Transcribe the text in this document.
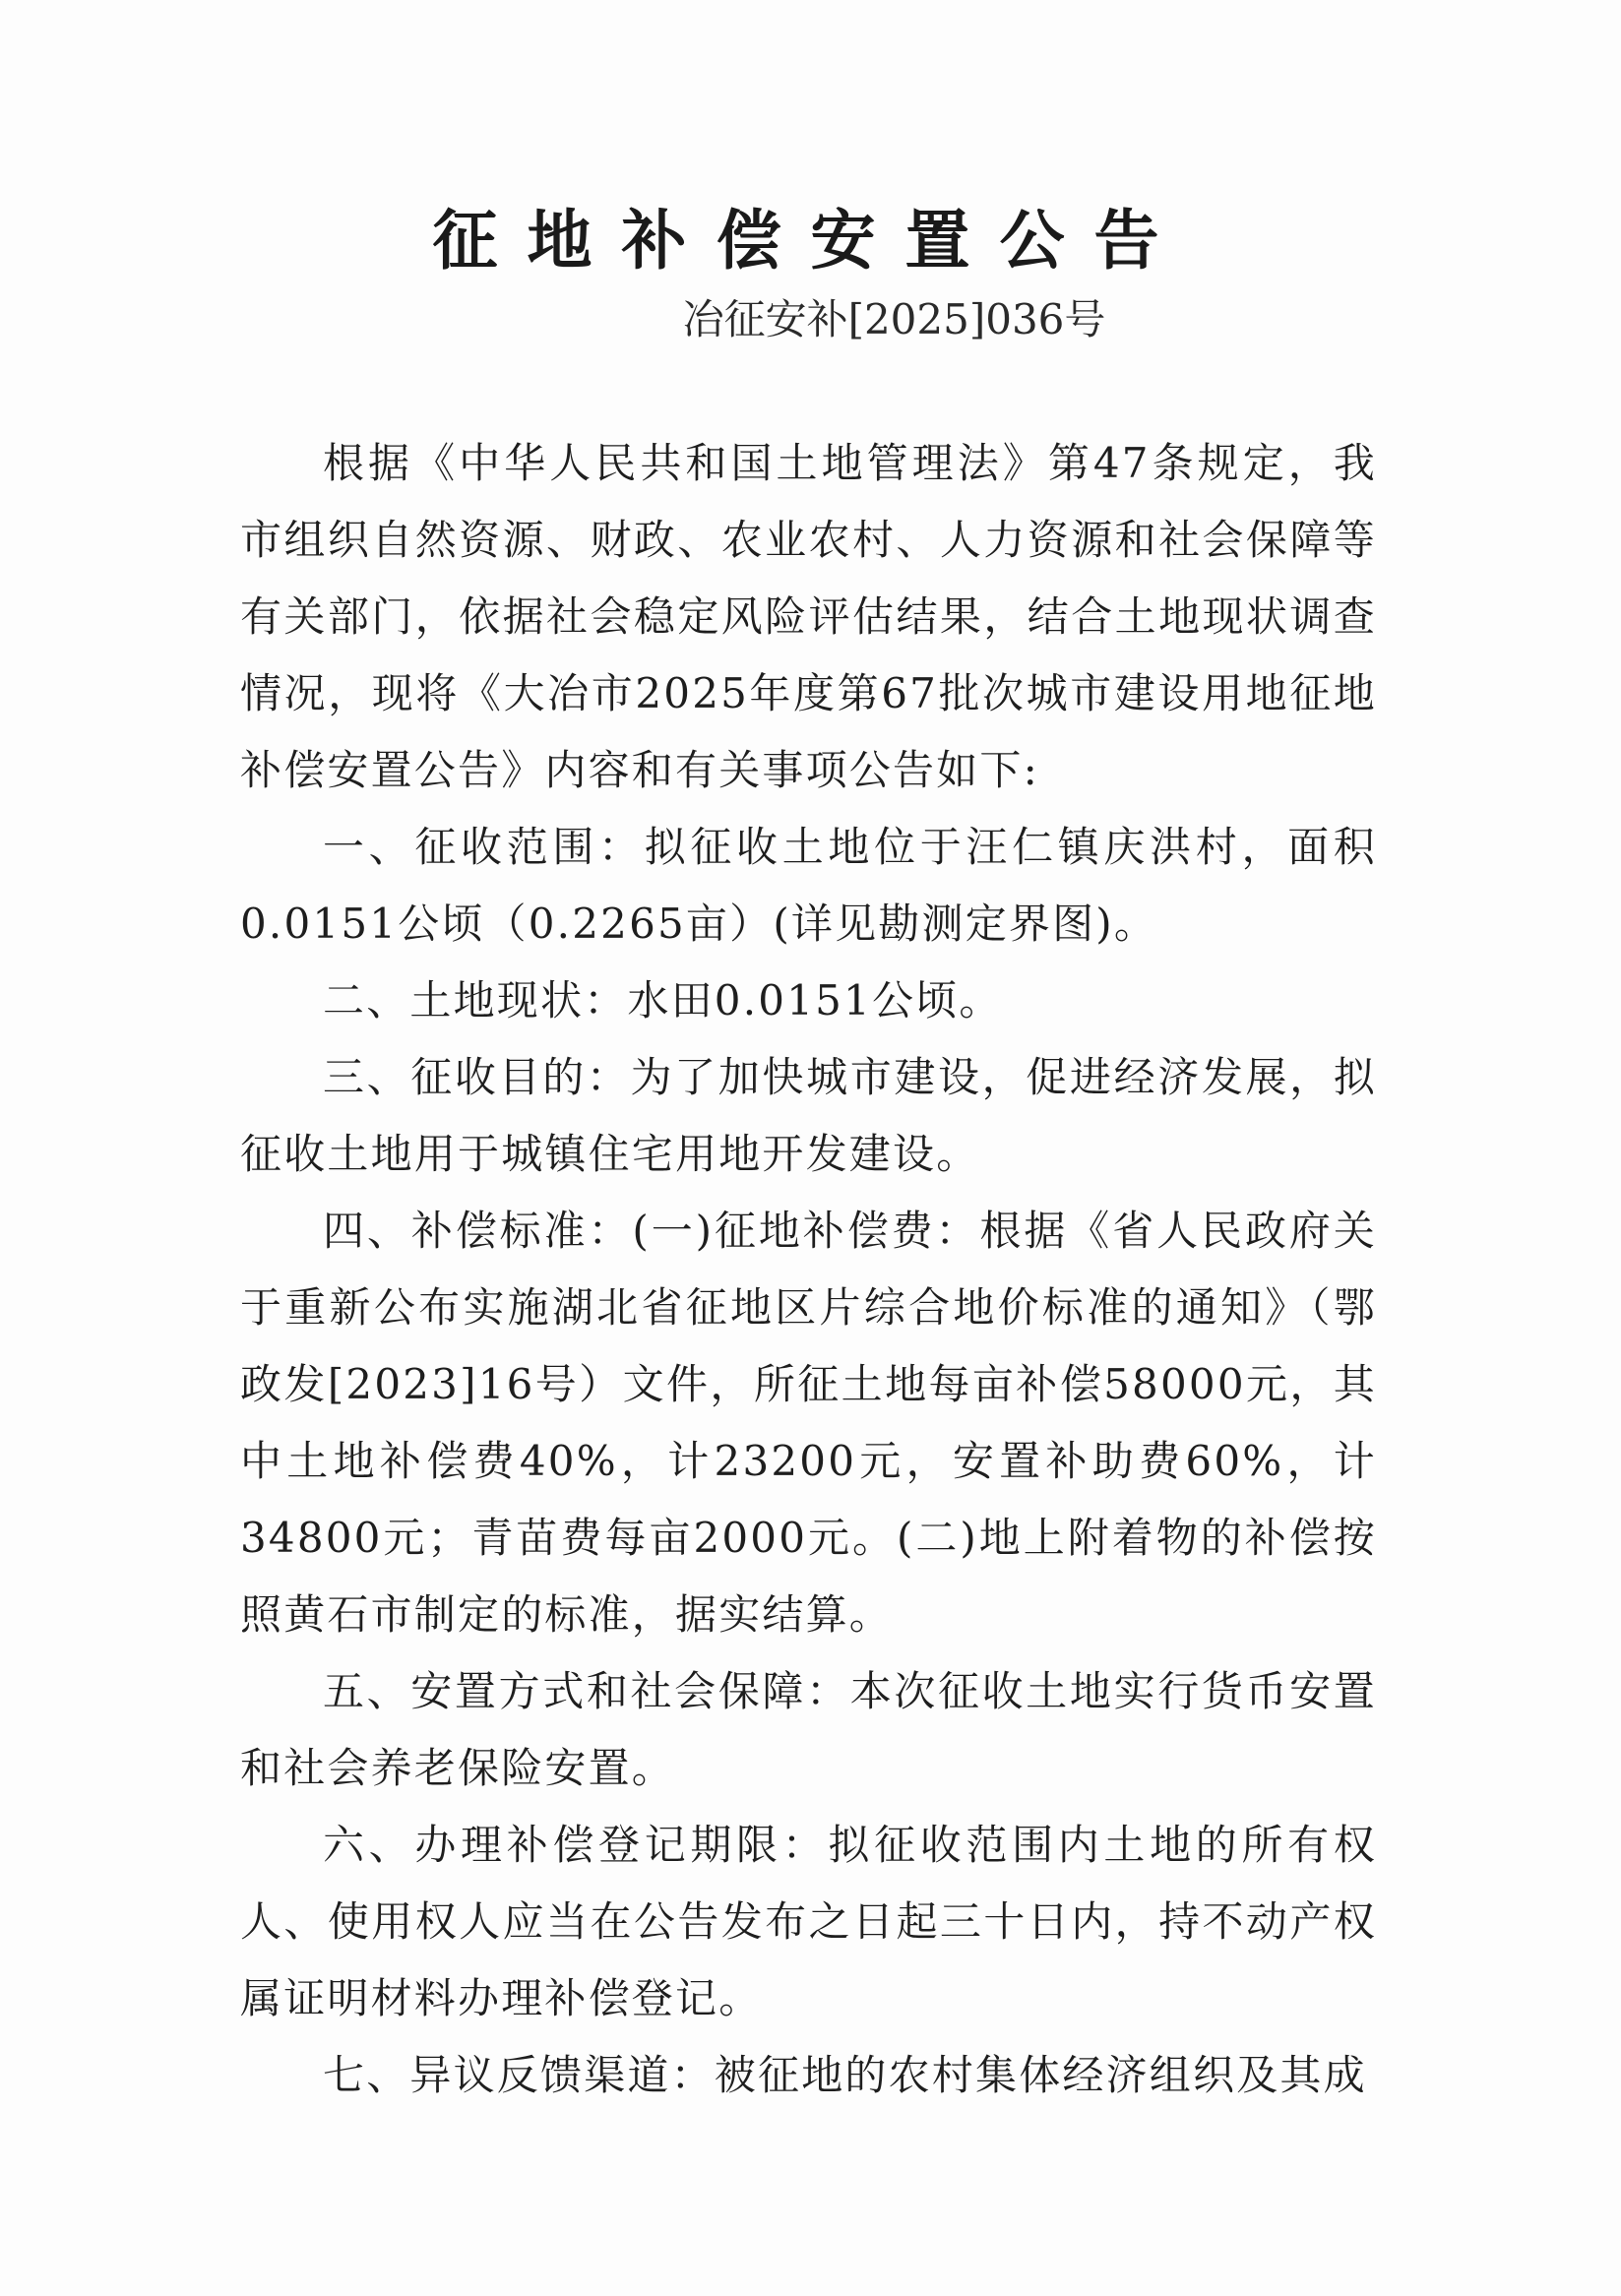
征地补偿安置公告
冶征安补[2025]036号

根据《中华人民共和国土地管理法》第47条规定，我市组织自然资源、财政、农业农村、人力资源和社会保障等有关部门，依据社会稳定风险评估结果，结合土地现状调查情况，现将《大冶市2025年度第67批次城市建设用地征地补偿安置公告》内容和有关事项公告如下:

一、征收范围：拟征收土地位于汪仁镇庆洪村，面积0.0151公顷（0.2265亩）(详见勘测定界图)。

二、土地现状：水田0.0151公顷。

三、征收目的：为了加快城市建设，促进经济发展，拟征收土地用于城镇住宅用地开发建设。

四、补偿标准：(一)征地补偿费：根据《省人民政府关于重新公布实施湖北省征地区片综合地价标准的通知》（鄂政发[2023]16号）文件，所征土地每亩补偿58000元，其中土地补偿费40%，计23200元，安置补助费60%，计34800元；青苗费每亩2000元。(二)地上附着物的补偿按照黄石市制定的标准，据实结算。

五、安置方式和社会保障：本次征收土地实行货币安置和社会养老保险安置。

六、办理补偿登记期限：拟征收范围内土地的所有权人、使用权人应当在公告发布之日起三十日内，持不动产权属证明材料办理补偿登记。

七、异议反馈渠道：被征地的农村集体经济组织及其成
